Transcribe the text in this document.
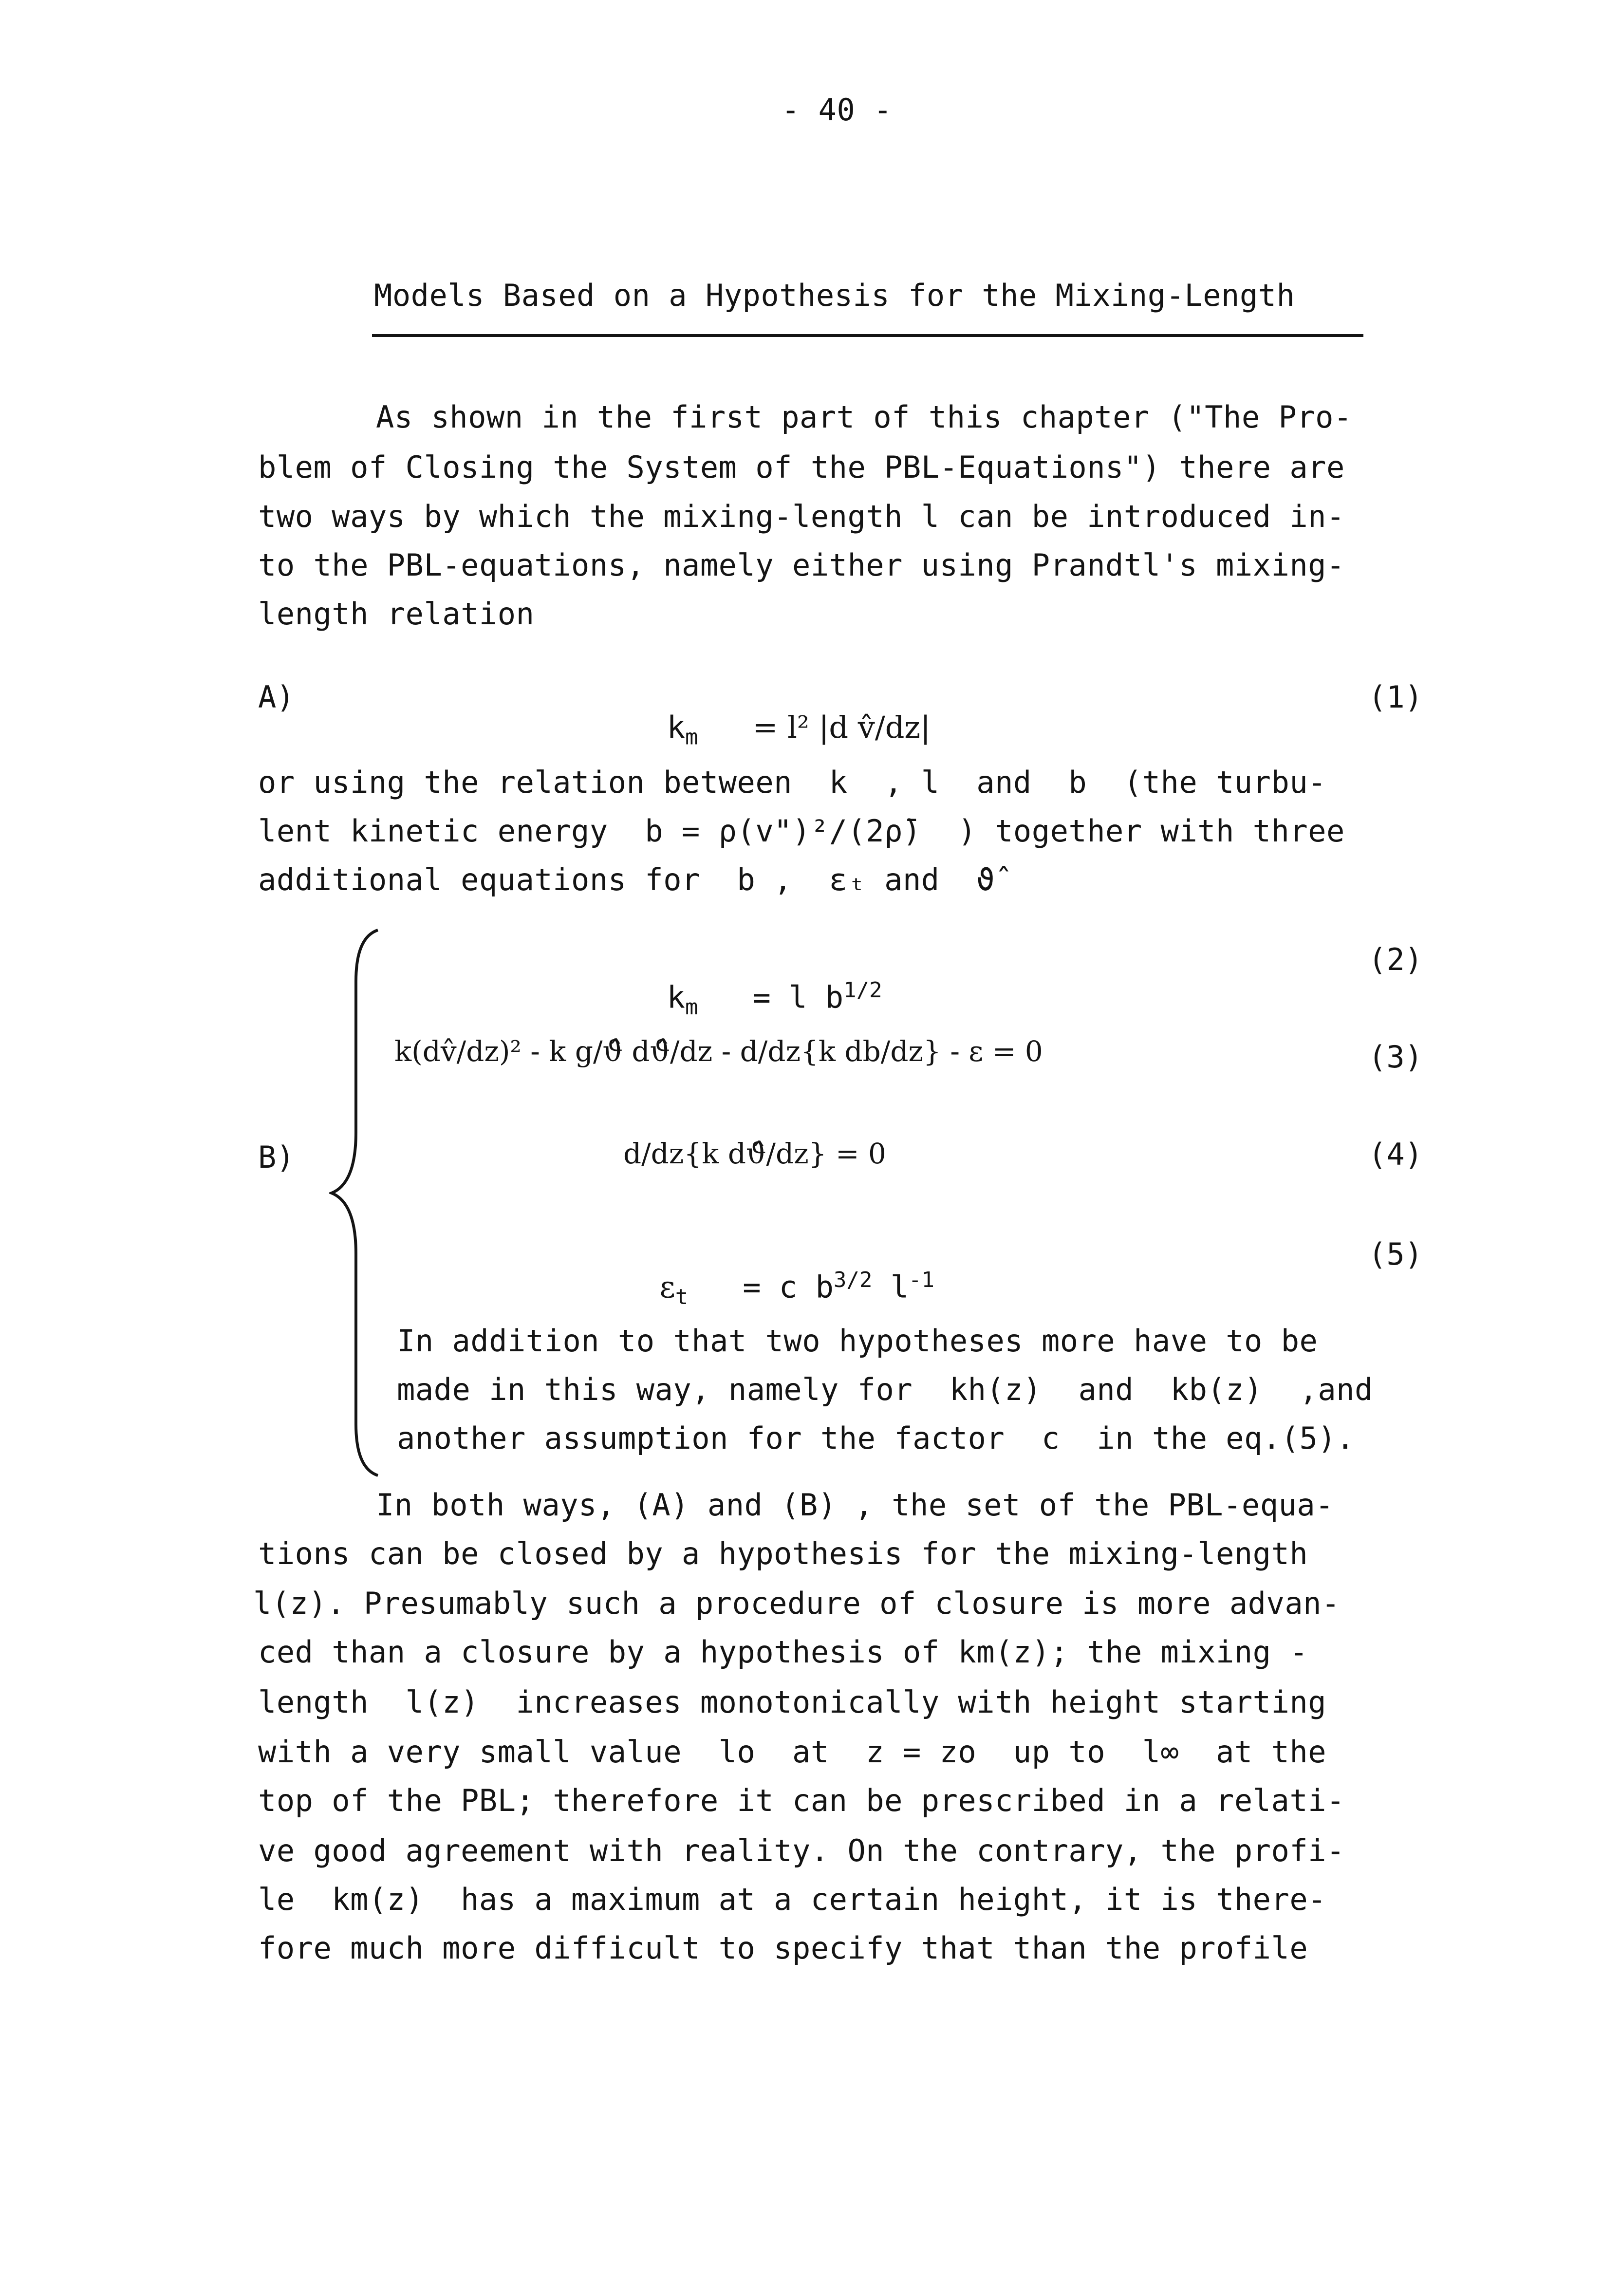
- 40 -
Models Based on a Hypothesis for the Mixing-Length
As shown in the first part of this chapter ("The Pro-
blem of Closing the System of the PBL-Equations") there are
two ways by which the mixing-length l can be introduced in-
to the PBL-equations, namely either using Prandtl's mixing-
length relation
A)

$k_m = l^2$ |d v̂/dz|

(1)
or using the relation between  k  , l  and  b  (the turbu-
lent kinetic energy  b = ρ(v")²/(2ρ̄)  ) together with three
additional equations for  b ,  εₜ and  ϑ̂
B)

$k_m = l$ $b^{1/2}$

(2)
k(dv̂/dz)² - k g/ϑ̂ dϑ̂/dz - d/dz{k db/dz} - ε = 0	(3)
d/dz{k dϑ̂/dz} = 0	(4)

$\varepsilon_t = c$ $b^{3/2}$ $l^{-1}$

(5)
In addition to that two hypotheses more have to be
made in this way, namely for  kh(z)  and  kb(z)  ,and
another assumption for the factor  c  in the eq.(5).
In both ways, (A) and (B) , the set of the PBL-equa-
tions can be closed by a hypothesis for the mixing-length
l(z). Presumably such a procedure of closure is more advan-
ced than a closure by a hypothesis of km(z); the mixing -
length  l(z)  increases monotonically with height starting
with a very small value  lo  at  z = zo  up to  l∞  at the
top of the PBL; therefore it can be prescribed in a relati-
ve good agreement with reality. On the contrary, the profi-
le  km(z)  has a maximum at a certain height, it is there-
fore much more difficult to specify that than the profile
